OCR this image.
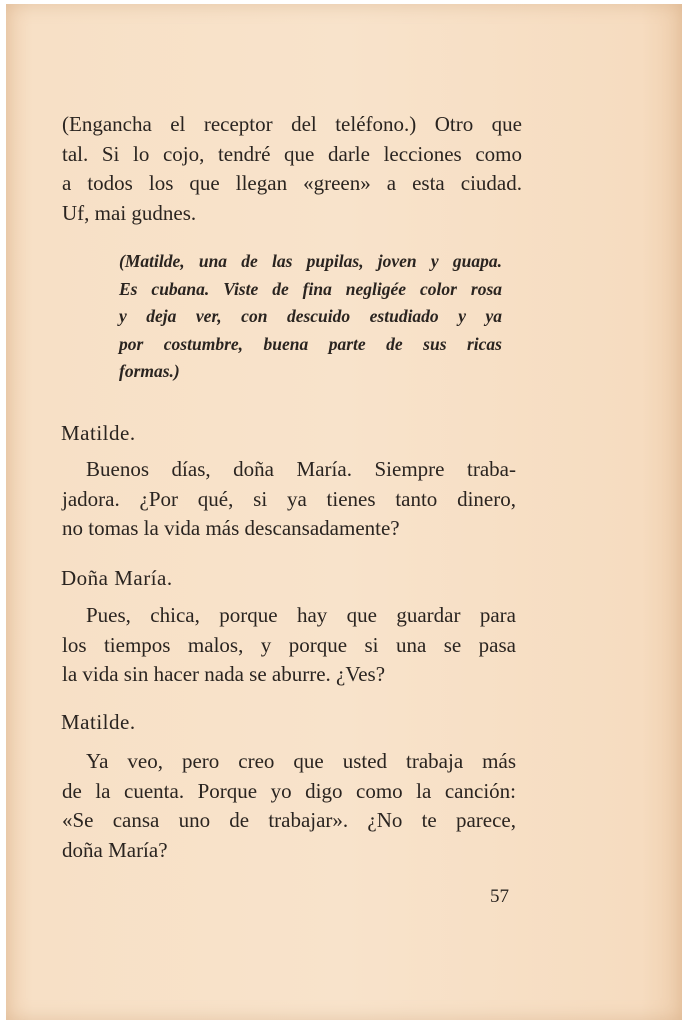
(Engancha el receptor del teléfono.) Otro que
tal. Si lo cojo, tendré que darle lecciones como
a todos los que llegan «green» a esta ciudad.
Uf, mai gudnes.

(Matilde, una de las pupilas, joven y guapa.
Es cubana. Viste de fina negligée color rosa
y deja ver, con descuido estudiado y ya
por costumbre, buena parte de sus ricas
formas.)

Matilde.

Buenos días, doña María. Siempre traba-
jadora. ¿Por qué, si ya tienes tanto dinero,
no tomas la vida más descansadamente?

Doña María.

Pues, chica, porque hay que guardar para
los tiempos malos, y porque si una se pasa
la vida sin hacer nada se aburre. ¿Ves?

Matilde.

Ya veo, pero creo que usted trabaja más
de la cuenta. Porque yo digo como la canción:
«Se cansa uno de trabajar». ¿No te parece,
doña María?

57
